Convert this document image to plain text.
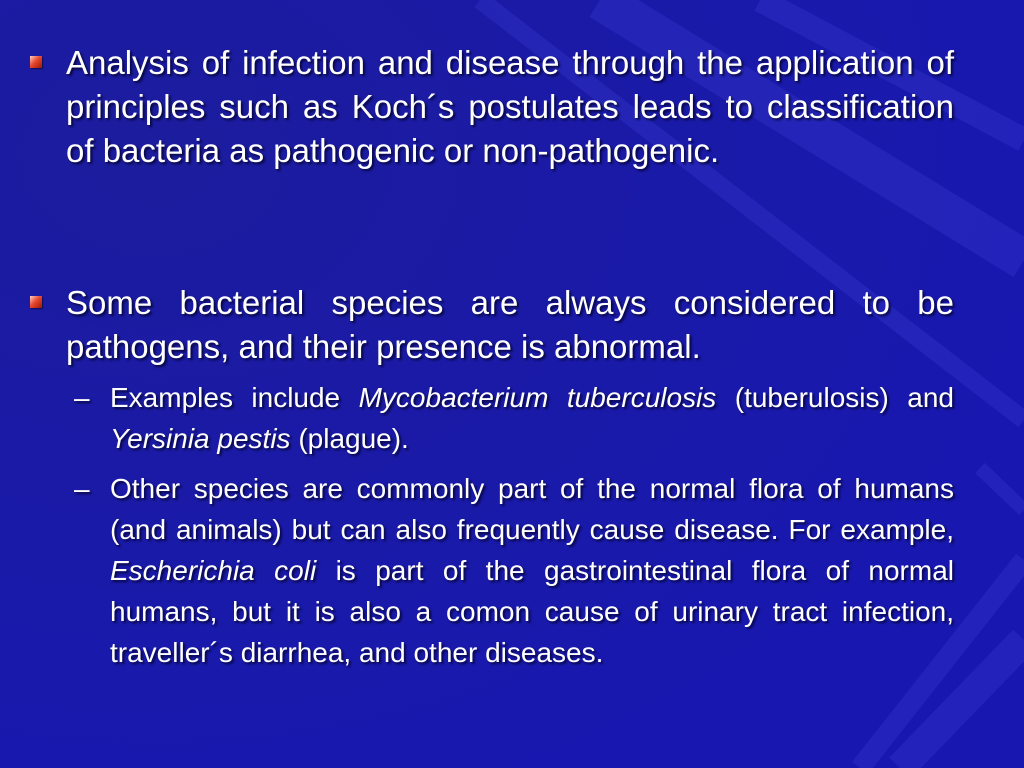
Analysis of infection and disease through the application of principles such as Koch´s postulates leads to classification of bacteria as pathogenic or non-pathogenic.
Some bacterial species are always considered to be pathogens, and their presence is abnormal.
– Examples include Mycobacterium tuberculosis (tuberulosis) and Yersinia pestis (plague).
– Other species are commonly part of the normal flora of humans (and animals) but can also frequently cause disease. For example, Escherichia coli is part of the gastrointestinal flora of normal humans, but it is also a comon cause of urinary tract infection, traveller´s diarrhea, and other diseases.
